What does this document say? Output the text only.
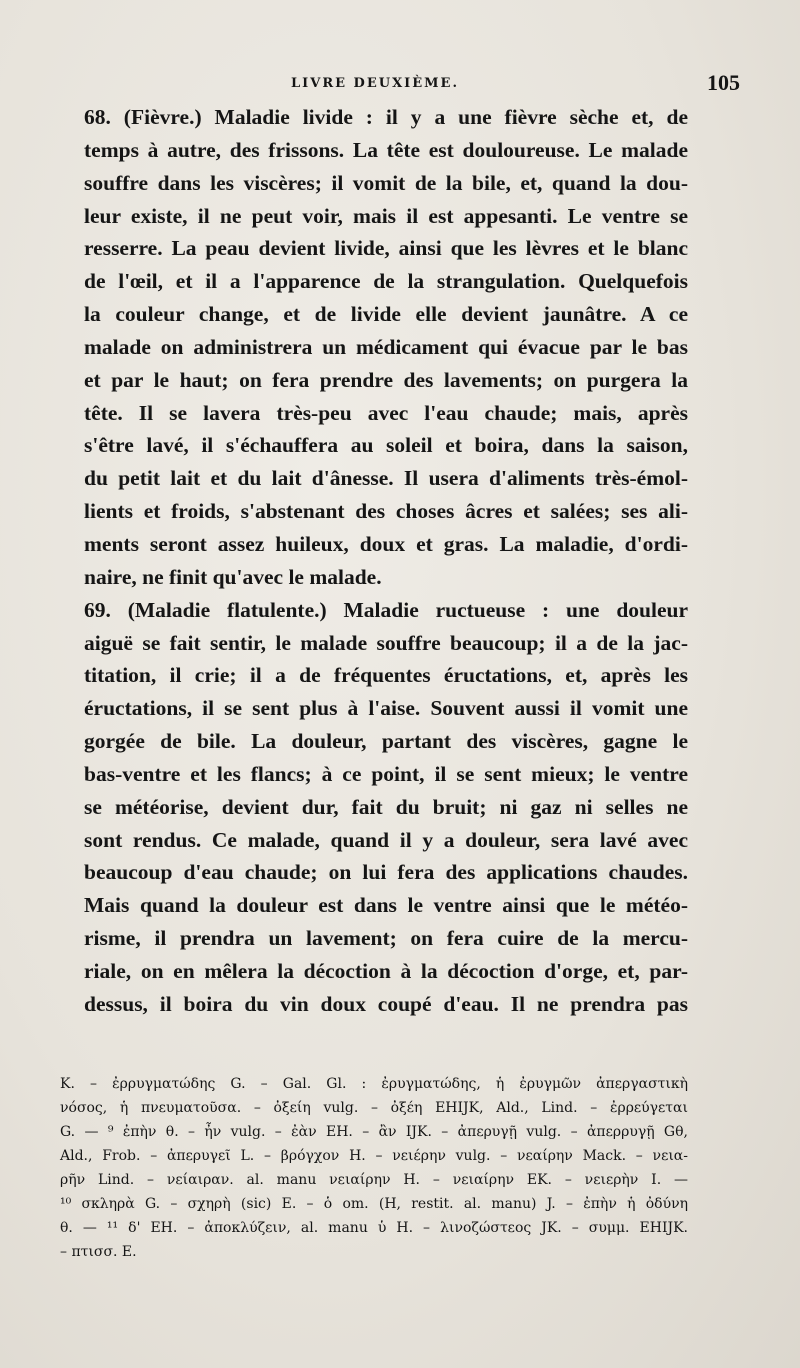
LIVRE DEUXIÈME.	105

68. (Fièvre.) Maladie livide : il y a une fièvre sèche et, de
temps à autre, des frissons. La tête est douloureuse. Le malade
souffre dans les viscères; il vomit de la bile, et, quand la dou-
leur existe, il ne peut voir, mais il est appesanti. Le ventre se
resserre. La peau devient livide, ainsi que les lèvres et le blanc
de l'œil, et il a l'apparence de la strangulation. Quelquefois
la couleur change, et de livide elle devient jaunâtre. A ce
malade on administrera un médicament qui évacue par le bas
et par le haut; on fera prendre des lavements; on purgera la
tête. Il se lavera très-peu avec l'eau chaude; mais, après
s'être lavé, il s'échauffera au soleil et boira, dans la saison,
du petit lait et du lait d'ânesse. Il usera d'aliments très-émol-
lients et froids, s'abstenant des choses âcres et salées; ses ali-
ments seront assez huileux, doux et gras. La maladie, d'ordi-
naire, ne finit qu'avec le malade.

69. (Maladie flatulente.) Maladie ructueuse : une douleur
aiguë se fait sentir, le malade souffre beaucoup; il a de la jac-
titation, il crie; il a de fréquentes éructations, et, après les
éructations, il se sent plus à l'aise. Souvent aussi il vomit une
gorgée de bile. La douleur, partant des viscères, gagne le
bas-ventre et les flancs; à ce point, il se sent mieux; le ventre
se météorise, devient dur, fait du bruit; ni gaz ni selles ne
sont rendus. Ce malade, quand il y a douleur, sera lavé avec
beaucoup d'eau chaude; on lui fera des applications chaudes.
Mais quand la douleur est dans le ventre ainsi que le météo-
risme, il prendra un lavement; on fera cuire de la mercu-
riale, on en mêlera la décoction à la décoction d'orge, et, par-
dessus, il boira du vin doux coupé d'eau. Il ne prendra pas

K. – ἐρρυγματώδης G. – Gal. Gl. : ἐρυγματώδης, ἡ ἐρυγμῶν ἀπεργαστικὴ
νόσος, ἡ πνευματοῦσα. – ὀξείη vulg. – ὀξέη EHIJK, Ald., Lind. – ἐρρεύγεται
G. — ⁹ ἐπὴν θ. – ἦν vulg. – ἐὰν EH. – ἂν IJK. – ἀπερυγῇ vulg. – ἀπερρυγῇ Gθ,
Ald., Frob. – ἀπερυγεῖ L. – βρόγχον H. – νειέρην vulg. – νεαίρην Mack. – νεια-
ρῆν Lind. – νείαιραν. al. manu νειαίρην H. – νειαίρην EK. – νειερὴν I. —
¹⁰ σκληρὰ G. – σχηρὴ (sic) E. – ὁ om. (H, restit. al. manu) J. – ἐπὴν ἡ ὀδύνη
θ. — ¹¹ δ' EH. – ἀποκλύζειν, al. manu ὑ H. – λινοζώστεος JK. – συμμ. EHIJK.
– πτισσ. E.
